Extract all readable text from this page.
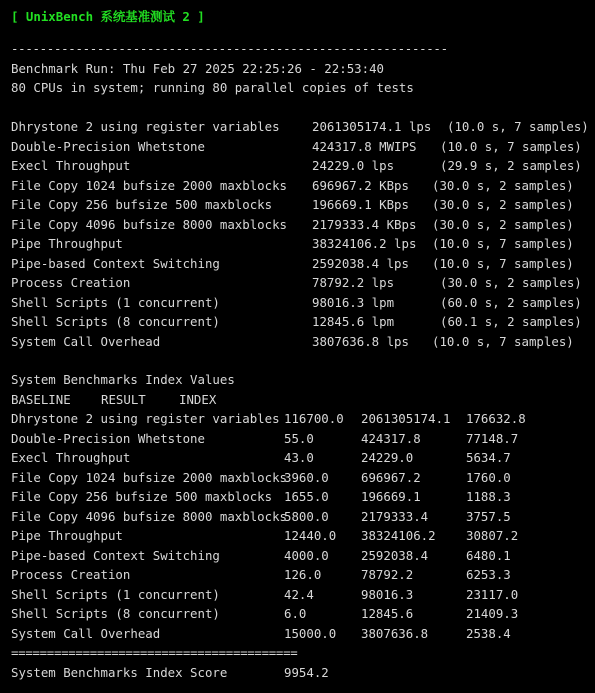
[ UnixBench 系统基准测试 2 ]
-------------------------------------------------------------
Benchmark Run: Thu Feb 27 2025 22:25:26 - 22:53:40
80 CPUs in system; running 80 parallel copies of tests
Dhrystone 2 using register variables	2061305174.1 lps (10.0 s, 7 samples)
Double-Precision Whetstone	424317.8 MWIPS (10.0 s, 7 samples)
Execl Throughput	24229.0 lps	(29.9 s, 2 samples)
File Copy 1024 bufsize 2000 maxblocks 696967.2 KBps (30.0 s, 2 samples)
File Copy 256 bufsize 500 maxblocks	196669.1 KBps (30.0 s, 2 samples)
File Copy 4096 bufsize 8000 maxblocks 2179333.4 KBps (30.0 s, 2 samples)
Pipe Throughput	38324106.2 lps (10.0 s, 7 samples)
Pipe-based Context Switching	2592038.4 lps (10.0 s, 7 samples)
Process Creation	78792.2 lps	(30.0 s, 2 samples)
Shell Scripts (1 concurrent)	98016.3 lpm	(60.0 s, 2 samples)
Shell Scripts (8 concurrent)	12845.6 lpm	(60.1 s, 2 samples)
System Call Overhead	3807636.8 lps (10.0 s, 7 samples)
System Benchmarks Index Values
BASELINE RESULT	INDEX
Dhrystone 2 using register variables 116700.0 2061305174.1 176632.8
Double-Precision Whetstone	55.0	424317.8	77148.7
Execl Throughput	43.0	24229.0	5634.7
File Copy 1024 bufsize 2000 maxblocks
3960.0	696967.2	1760.0
File Copy 256 bufsize 500 maxblocks 1655.0	196669.1	1188.3
File Copy 4096 bufsize 8000 maxblocks
5800.0	2179333.4	3757.5
Pipe Throughput	12440.0 38324106.2 30807.2
Pipe-based Context Switching	4000.0	2592038.4	6480.1
Process Creation	126.0	78792.2	6253.3
Shell Scripts (1 concurrent)	42.4	98016.3	23117.0
Shell Scripts (8 concurrent)	6.0	12845.6	21409.3
System Call Overhead	15000.0 3807636.8	2538.4
========================================
System Benchmarks Index Score	9954.2
